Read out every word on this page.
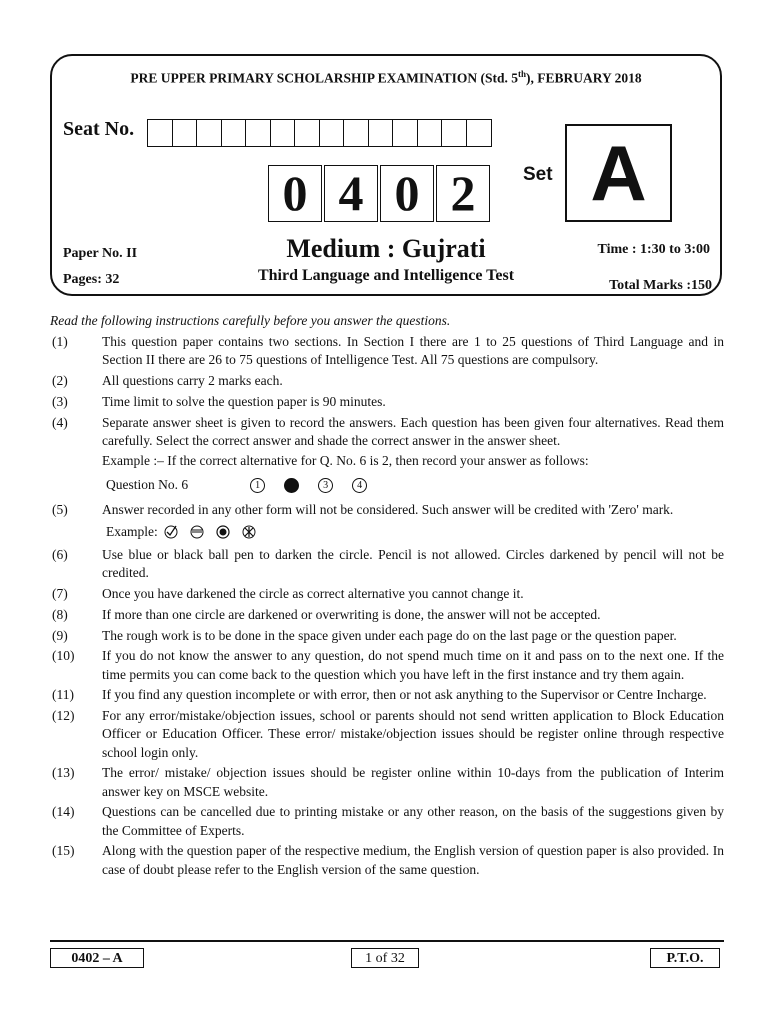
PRE UPPER PRIMARY SCHOLARSHIP EXAMINATION (Std. 5th), FEBRUARY 2018
Seat No.
0 4 0 2	Set A
Paper No. II
Pages: 32
Medium : Gujrati
Third Language and Intelligence Test
Time : 1:30 to 3:00
Total Marks :150
Read the following instructions carefully before you answer the questions.
(1)	This question paper contains two sections. In Section I there are 1 to 25 questions of Third Language and in Section II there are 26 to 75 questions of Intelligence Test. All 75 questions are compulsory.
(2)	All questions carry 2 marks each.
(3)	Time limit to solve the question paper is 90 minutes.
(4)	Separate answer sheet is given to record the answers. Each question has been given four alternatives. Read them carefully. Select the correct answer and shade the correct answer in the answer sheet.
Example :– If the correct alternative for Q. No. 6 is 2, then record your answer as follows:
Question No. 6	1	3	4
(5)	Answer recorded in any other form will not be considered. Such answer will be credited with 'Zero' mark.
Example:
(6)	Use blue or black ball pen to darken the circle. Pencil is not allowed. Circles darkened by pencil will not be credited.
(7)	Once you have darkened the circle as correct alternative you cannot change it.
(8)	If more than one circle are darkened or overwriting is done, the answer will not be accepted.
(9)	The rough work is to be done in the space given under each page do on the last page or the question paper.
(10)	If you do not know the answer to any question, do not spend much time on it and pass on to the next one. If the time permits you can come back to the question which you have left in the first instance and try them again.
(11)	If you find any question incomplete or with error, then or not ask anything to the Supervisor or Centre Incharge.
(12)	For any error/mistake/objection issues, school or parents should not send written application to Block Education Officer or Education Officer. These error/ mistake/objection issues should be register online through respective school login only.
(13)	The error/ mistake/ objection issues should be register online within 10-days from the publication of Interim answer key on MSCE website.
(14)	Questions can be cancelled due to printing mistake or any other reason, on the basis of the suggestions given by the Committee of Experts.
(15)	Along with the question paper of the respective medium, the English version of question paper is also provided. In case of doubt please refer to the English version of the same question.
0402 – A	1 of 32	P.T.O.
